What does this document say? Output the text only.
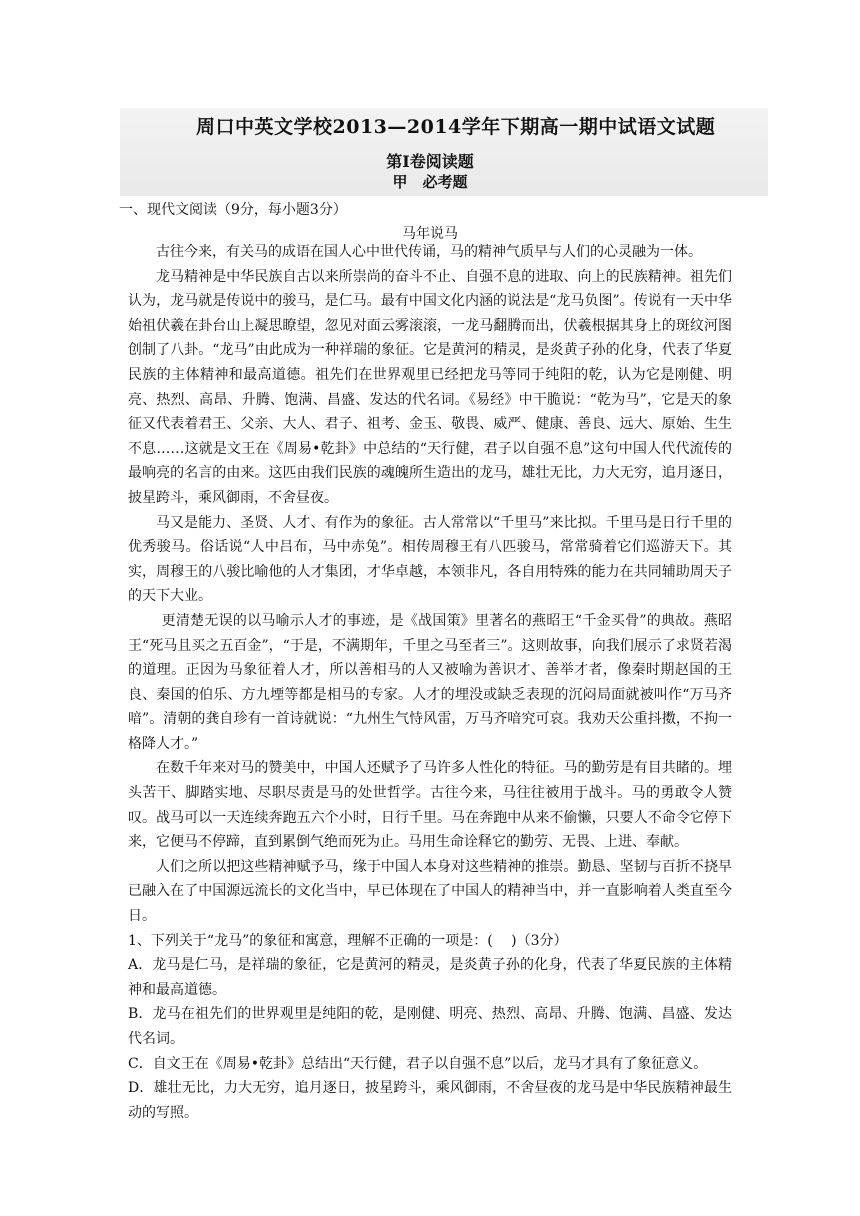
周口中英文学校2013—2014学年下期高一期中试语文试题
第Ⅰ卷阅读题
甲　必考题
一、现代文阅读（9分，每小题3分）
马年说马

古往今来，有关马的成语在国人心中世代传诵，马的精神气质早与人们的心灵融为一体。

龙马精神是中华民族自古以来所崇尚的奋斗不止、自强不息的进取、向上的民族精神。祖先们认为，龙马就是传说中的骏马，是仁马。最有中国文化内涵的说法是“龙马负图”。传说有一天中华始祖伏羲在卦台山上凝思瞭望，忽见对面云雾滚滚，一龙马翻腾而出，伏羲根据其身上的斑纹河图创制了八卦。“龙马”由此成为一种祥瑞的象征。它是黄河的精灵，是炎黄子孙的化身，代表了华夏民族的主体精神和最高道德。祖先们在世界观里已经把龙马等同于纯阳的乾，认为它是刚健、明亮、热烈、高昂、升腾、饱满、昌盛、发达的代名词。《易经》中干脆说：“乾为马”，它是天的象征又代表着君王、父亲、大人、君子、祖考、金玉、敬畏、威严、健康、善良、远大、原始、生生不息……这就是文王在《周易•乾卦》中总结的“天行健，君子以自强不息”这句中国人代代流传的最响亮的名言的由来。这匹由我们民族的魂魄所生造出的龙马，雄壮无比，力大无穷，追月逐日，披星跨斗，乘风御雨，不舍昼夜。

马又是能力、圣贤、人才、有作为的象征。古人常常以“千里马”来比拟。千里马是日行千里的优秀骏马。俗话说“人中吕布，马中赤兔”。相传周穆王有八匹骏马，常常骑着它们巡游天下。其实，周穆王的八骏比喻他的人才集团，才华卓越，本领非凡，各自用特殊的能力在共同辅助周天子的天下大业。

更清楚无误的以马喻示人才的事迹，是《战国策》里著名的燕昭王“千金买骨”的典故。燕昭王“死马且买之五百金”，“于是，不满期年，千里之马至者三”。这则故事，向我们展示了求贤若渴的道理。正因为马象征着人才，所以善相马的人又被喻为善识才、善举才者，像秦时期赵国的王良、秦国的伯乐、方九堙等都是相马的专家。人才的埋没或缺乏表现的沉闷局面就被叫作“万马齐喑”。清朝的龚自珍有一首诗就说：“九州生气恃风雷，万马齐喑究可哀。我劝天公重抖擞，不拘一格降人才。”

在数千年来对马的赞美中，中国人还赋予了马许多人性化的特征。马的勤劳是有目共睹的。埋头苦干、脚踏实地、尽职尽责是马的处世哲学。古往今来，马往往被用于战斗。马的勇敢令人赞叹。战马可以一天连续奔跑五六个小时，日行千里。马在奔跑中从来不偷懒，只要人不命令它停下来，它便马不停蹄，直到累倒气绝而死为止。马用生命诠释它的勤劳、无畏、上进、奉献。

人们之所以把这些精神赋予马，缘于中国人本身对这些精神的推崇。勤恳、坚韧与百折不挠早已融入在了中国源远流长的文化当中，早已体现在了中国人的精神当中，并一直影响着人类直至今日。

1、下列关于“龙马”的象征和寓意，理解不正确的一项是：(　 )（3分）

A．龙马是仁马，是祥瑞的象征，它是黄河的精灵，是炎黄子孙的化身，代表了华夏民族的主体精神和最高道德。

B．龙马在祖先们的世界观里是纯阳的乾，是刚健、明亮、热烈、高昂、升腾、饱满、昌盛、发达代名词。

C．自文王在《周易•乾卦》总结出“天行健，君子以自强不息”以后，龙马才具有了象征意义。

D．雄壮无比，力大无穷，追月逐日，披星跨斗，乘风御雨，不舍昼夜的龙马是中华民族精神最生动的写照。
